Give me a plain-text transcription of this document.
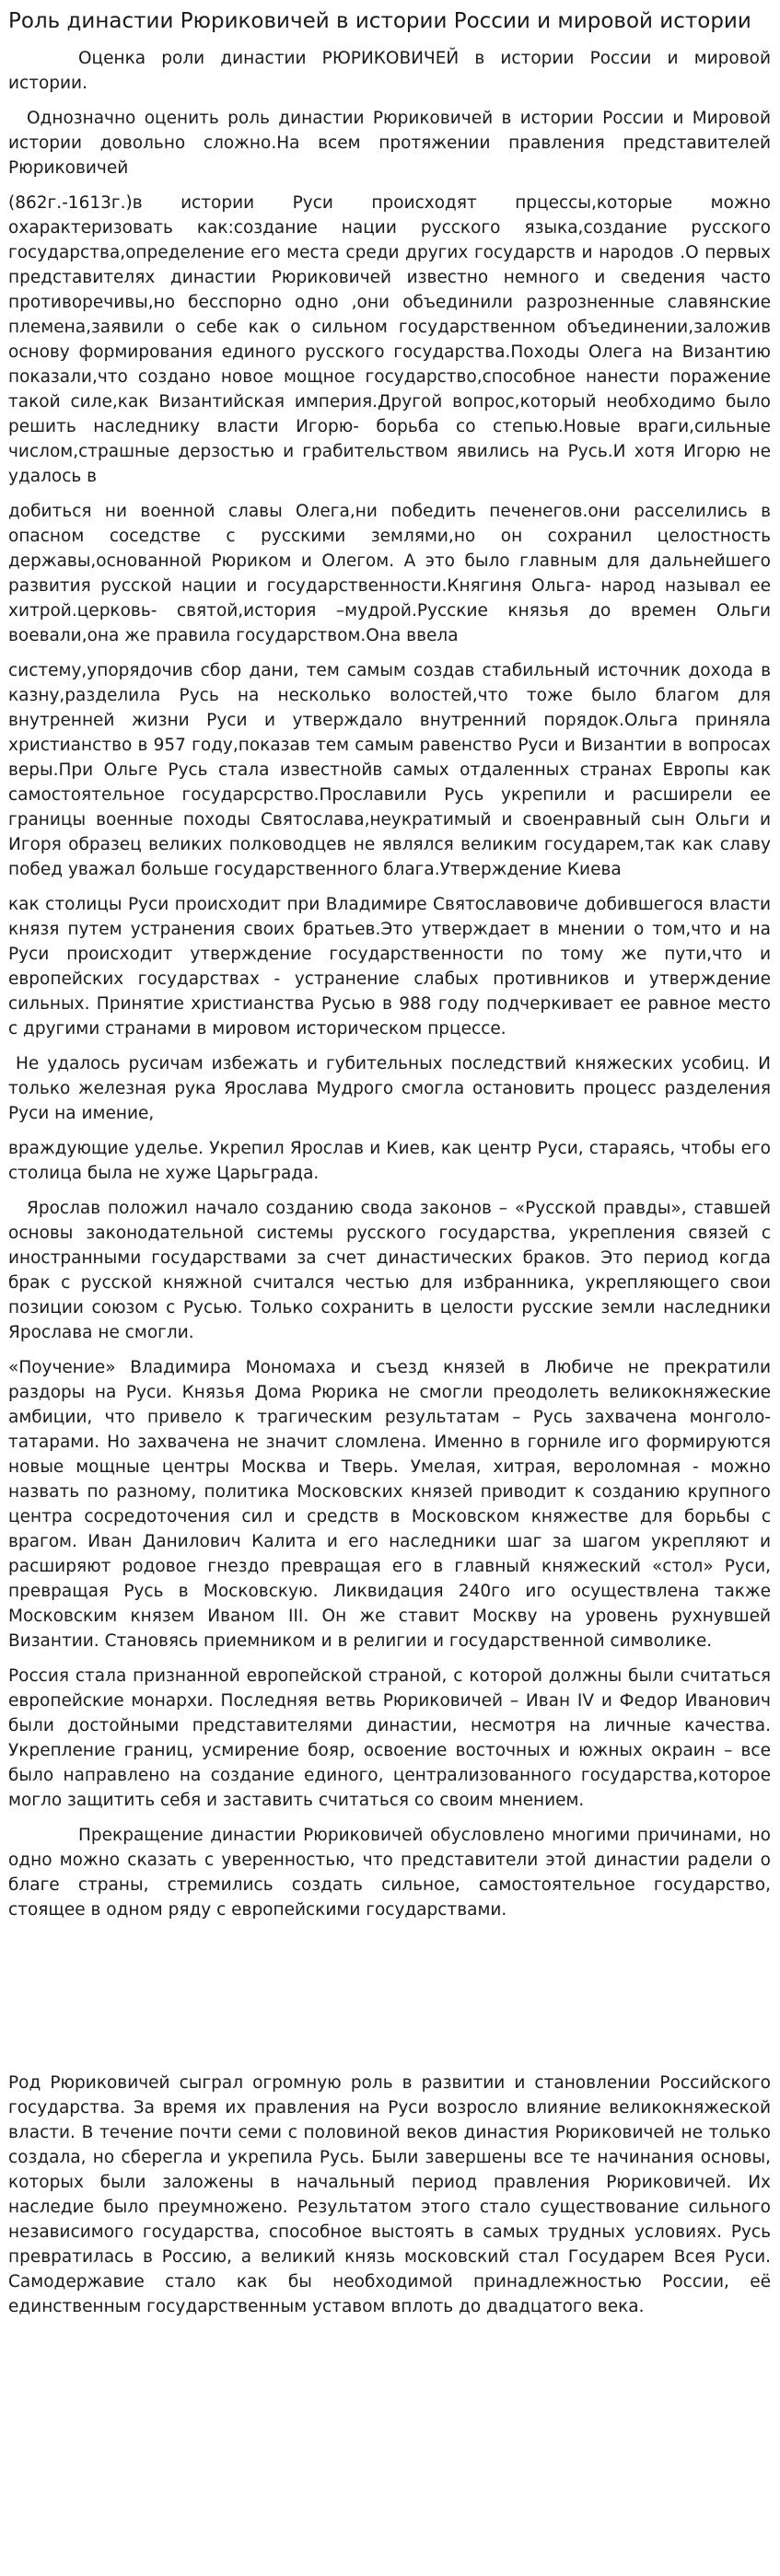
Роль династии Рюриковичей в истории России и мировой истории

Оценка роли династии РЮРИКОВИЧЕЙ в истории России и мировой истории.

Однозначно оценить роль династии Рюриковичей в истории России и Мировой истории довольно сложно.На всем протяжении правления представителей Рюриковичей

(862г.-1613г.)в истории Руси происходят прцессы,которые можно охарактеризовать как:создание нации русского языка,создание русского государства,определение его места среди других государств и народов .О первых представителях династии Рюриковичей известно немного и сведения часто противоречивы,но бесспорно одно ,они объединили разрозненные славянские племена,заявили о себе как о сильном государственном объединении,заложив основу формирования единого русского государства.Походы Олега на Византию показали,что создано новое мощное государство,способное нанести поражение такой силе,как Византийская империя.Другой вопрос,который необходимо было решить наследнику власти Игорю- борьба со степью.Новые враги,сильные числом,страшные дерзостью и грабительством явились на Русь.И хотя Игорю не удалось в

добиться ни военной славы Олега,ни победить печенегов.они расселились в опасном соседстве с русскими землями,но он сохранил целостность державы,основанной Рюриком и Олегом. А это было главным для дальнейшего развития русской нации и государственности.Княгиня Ольга- народ называл ее хитрой.церковь- святой,история –мудрой.Русские князья до времен Ольги воевали,она же правила государством.Она ввела

систему,упорядочив сбор дани, тем самым создав стабильный источник дохода в казну,разделила Русь на несколько волостей,что тоже было благом для внутренней жизни Руси и утверждало внутренний порядок.Ольга приняла христианство в 957 году,показав тем самым равенство Руси и Византии в вопросах веры.При Ольге Русь стала известнойв самых отдаленных странах Европы как самостоятельное государсрство.Прославили Русь укрепили и расширели ее границы военные походы Святослава,неукратимый и своенравный сын Ольги и Игоря образец великих полководцев не являлся великим государем,так как славу побед уважал больше государственного блага.Утверждение Киева

как столицы Руси происходит при Владимире Святославовиче добившегося власти князя путем устранения своих братьев.Это утверждает в мнении о том,что и на Руси происходит утверждение государственности по тому же пути,что и европейских государствах - устранение слабых противников и утверждение сильных. Принятие христианства Русью в 988 году подчеркивает ее равное место с другими странами в мировом историческом прцессе.

Не удалось русичам избежать и губительных последствий княжеских усобиц. И только железная рука Ярослава Мудрого смогла остановить процесс разделения Руси на имение,

враждующие уделье. Укрепил Ярослав и Киев, как центр Руси, стараясь, чтобы его столица была не хуже Царьграда.

Ярослав положил начало созданию свода законов – «Русской правды», ставшей основы законодательной системы русского государства, укрепления связей с иностранными государствами за счет династических браков. Это период когда брак с русской княжной считался честью для избранника, укрепляющего свои позиции союзом с Русью. Только сохранить в целости русские земли наследники Ярослава не смогли.

«Поучение» Владимира Мономаха и съезд князей в Любиче не прекратили раздоры на Руси. Князья Дома Рюрика не смогли преодолеть великокняжеские амбиции, что привело к трагическим результатам – Русь захвачена монголо-татарами. Но захвачена не значит сломлена. Именно в горниле иго формируются новые мощные центры Москва и Тверь. Умелая, хитрая, вероломная - можно назвать по разному, политика Московских князей приводит к созданию крупного центра сосредоточения сил и средств в Московском княжестве для борьбы с врагом. Иван Данилович Калита и его наследники шаг за шагом укрепляют и расширяют родовое гнездо превращая его в главный княжеский «стол» Руси, превращая Русь в Московскую. Ликвидация 240го иго осуществлена также Московским князем Иваном III. Он же ставит Москву на уровень рухнувшей Византии. Становясь приемником и в религии и государственной символике.

Россия стала признанной европейской страной, с которой должны были считаться европейские монархи. Последняя ветвь Рюриковичей – Иван IV и Федор Иванович были достойными представителями династии, несмотря на личные качества. Укрепление границ, усмирение бояр, освоение восточных и южных окраин – все было направлено на создание единого, централизованного государства,которое могло защитить себя и заставить считаться со своим мнением.

Прекращение династии Рюриковичей обусловлено многими причинами, но одно можно сказать с уверенностью, что представители этой династии радели о благе страны, стремились создать сильное, самостоятельное государство, стоящее в одном ряду с европейскими государствами.

Род Рюриковичей сыграл огромную роль в развитии и становлении Российского государства. За время их правления на Руси возросло влияние великокняжеской власти. В течение почти семи с половиной веков династия Рюриковичей не только создала, но сберегла и укрепила Русь. Были завершены все те начинания основы, которых были заложены в начальный период правления Рюриковичей. Их наследие было преумножено. Результатом этого стало существование сильного независимого государства, способное выстоять в самых трудных условиях. Русь превратилась в Россию, а великий князь московский стал Государем Всея Руси. Самодержавие стало как бы необходимой принадлежностью России, её единственным государственным уставом вплоть до двадцатого века.
